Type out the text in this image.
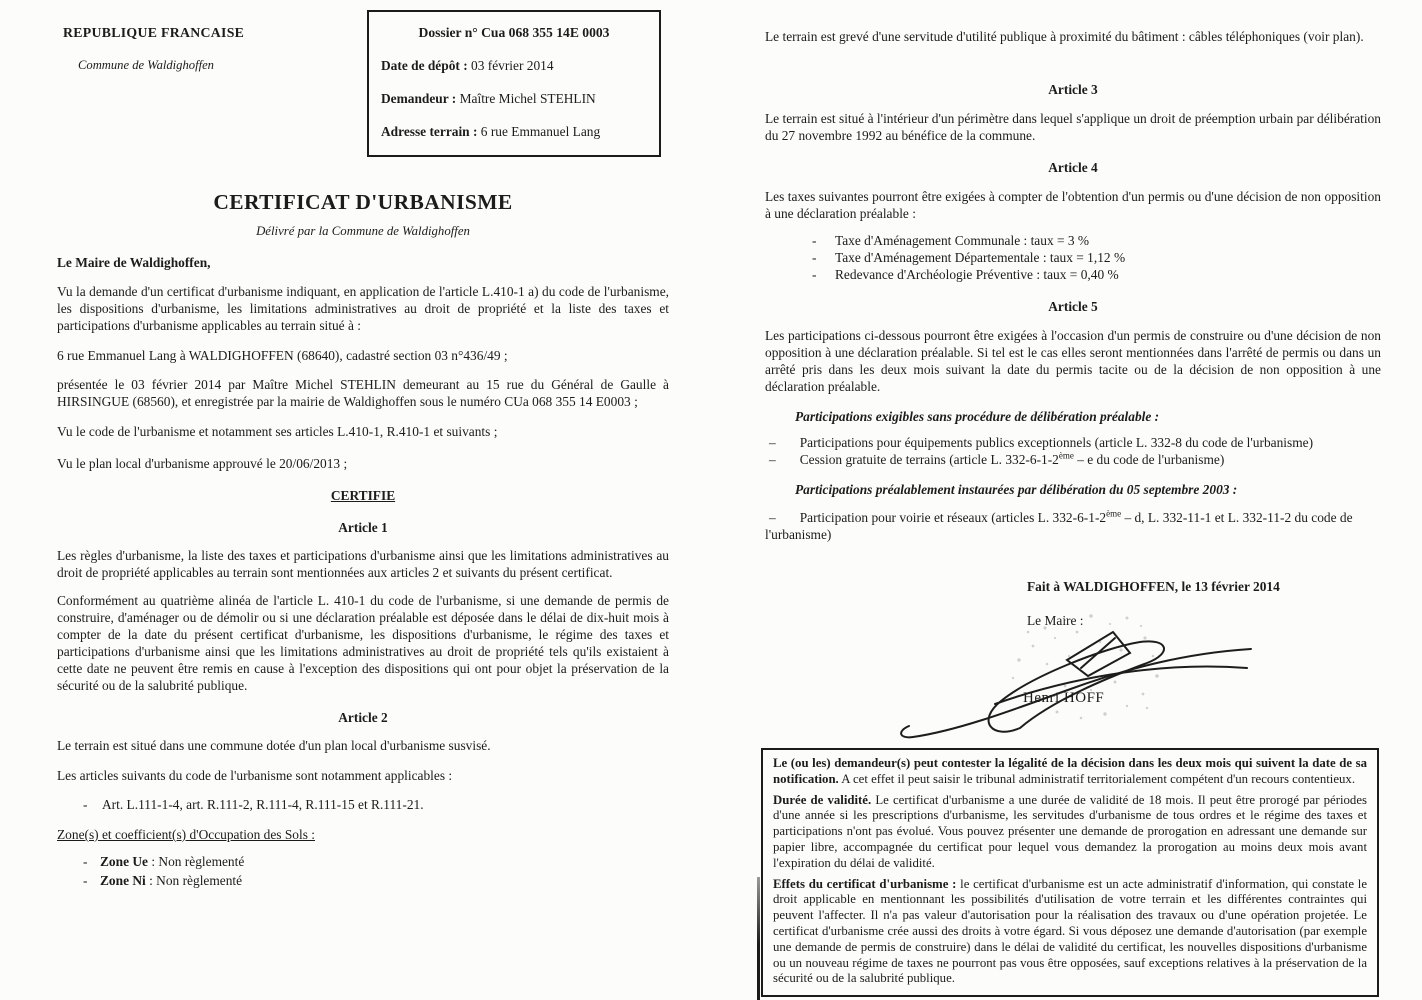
REPUBLIQUE FRANCAISE

Commune de Waldighoffen

Dossier n° Cua 068 355 14E 0003

Date de dépôt : 03 février 2014

Demandeur : Maître Michel STEHLIN

Adresse terrain : 6 rue Emmanuel Lang

CERTIFICAT D'URBANISME

Délivré par la Commune de Waldighoffen

Le Maire de Waldighoffen,

Vu la demande d'un certificat d'urbanisme indiquant, en application de l'article L.410-1 a) du code de l'urbanisme, les dispositions d'urbanisme, les limitations administratives au droit de propriété et la liste des taxes et participations d'urbanisme applicables au terrain situé à :

6 rue Emmanuel Lang à WALDIGHOFFEN (68640), cadastré section 03 n°436/49 ;

présentée le 03 février 2014 par Maître Michel STEHLIN demeurant au 15 rue du Général de Gaulle à HIRSINGUE (68560), et enregistrée par la mairie de Waldighoffen sous le numéro CUa 068 355 14 E0003 ;

Vu le code de l'urbanisme et notamment ses articles L.410-1, R.410-1 et suivants ;

Vu le plan local d'urbanisme approuvé le 20/06/2013 ;

CERTIFIE

Article 1

Les règles d'urbanisme, la liste des taxes et participations d'urbanisme ainsi que les limitations administratives au droit de propriété applicables au terrain sont mentionnées aux articles 2 et suivants du présent certificat.

Conformément au quatrième alinéa de l'article L. 410-1 du code de l'urbanisme, si une demande de permis de construire, d'aménager ou de démolir ou si une déclaration préalable est déposée dans le délai de dix-huit mois à compter de la date du présent certificat d'urbanisme, les dispositions d'urbanisme, le régime des taxes et participations d'urbanisme ainsi que les limitations administratives au droit de propriété tels qu'ils existaient à cette date ne peuvent être remis en cause à l'exception des dispositions qui ont pour objet la préservation de la sécurité ou de la salubrité publique.

Article 2

Le terrain est situé dans une commune dotée d'un plan local d'urbanisme susvisé.

Les articles suivants du code de l'urbanisme sont notamment applicables :

-	Art. L.111-1-4, art. R.111-2, R.111-4, R.111-15 et R.111-21.

Zone(s) et coefficient(s) d'Occupation des Sols :

- Zone Ue : Non règlementé
- Zone Ni : Non règlementé

Le terrain est grevé d'une servitude d'utilité publique à proximité du bâtiment : câbles téléphoniques (voir plan).

Article 3

Le terrain est situé à l'intérieur d'un périmètre dans lequel s'applique un droit de préemption urbain par délibération du 27 novembre 1992 au bénéfice de la commune.

Article 4

Les taxes suivantes pourront être exigées à compter de l'obtention d'un permis ou d'une décision de non opposition à une déclaration préalable :

-	Taxe d'Aménagement Communale : taux = 3 %
-	Taxe d'Aménagement Départementale : taux = 1,12 %
-	Redevance d'Archéologie Préventive : taux = 0,40 %

Article 5

Les participations ci-dessous pourront être exigées à l'occasion d'un permis de construire ou d'une décision de non opposition à une déclaration préalable. Si tel est le cas elles seront mentionnées dans l'arrêté de permis ou dans un arrêté pris dans les deux mois suivant la date du permis tacite ou de la décision de non opposition à une déclaration préalable.

Participations exigibles sans procédure de délibération préalable :

– Participations pour équipements publics exceptionnels (article L. 332-8 du code de l'urbanisme)

– Cession gratuite de terrains (article L. 332-6-1-2ème – e du code de l'urbanisme)

Participations préalablement instaurées par délibération du 05 septembre 2003 :

– Participation pour voirie et réseaux (articles L. 332-6-1-2ème – d, L. 332-11-1 et L. 332-11-2 du code de l'urbanisme)

Fait à WALDIGHOFFEN, le 13 février 2014

Le Maire :

Henri HOFF

Le (ou les) demandeur(s) peut contester la légalité de la décision dans les deux mois qui suivent la date de sa notification. A cet effet il peut saisir le tribunal administratif territorialement compétent d'un recours contentieux.

Durée de validité. Le certificat d'urbanisme a une durée de validité de 18 mois. Il peut être prorogé par périodes d'une année si les prescriptions d'urbanisme, les servitudes d'urbanisme de tous ordres et le régime des taxes et participations n'ont pas évolué. Vous pouvez présenter une demande de prorogation en adressant une demande sur papier libre, accompagnée du certificat pour lequel vous demandez la prorogation au moins deux mois avant l'expiration du délai de validité.

Effets du certificat d'urbanisme : le certificat d'urbanisme est un acte administratif d'information, qui constate le droit applicable en mentionnant les possibilités d'utilisation de votre terrain et les différentes contraintes qui peuvent l'affecter. Il n'a pas valeur d'autorisation pour la réalisation des travaux ou d'une opération projetée. Le certificat d'urbanisme crée aussi des droits à votre égard. Si vous déposez une demande d'autorisation (par exemple une demande de permis de construire) dans le délai de validité du certificat, les nouvelles dispositions d'urbanisme ou un nouveau régime de taxes ne pourront pas vous être opposées, sauf exceptions relatives à la préservation de la sécurité ou de la salubrité publique.
